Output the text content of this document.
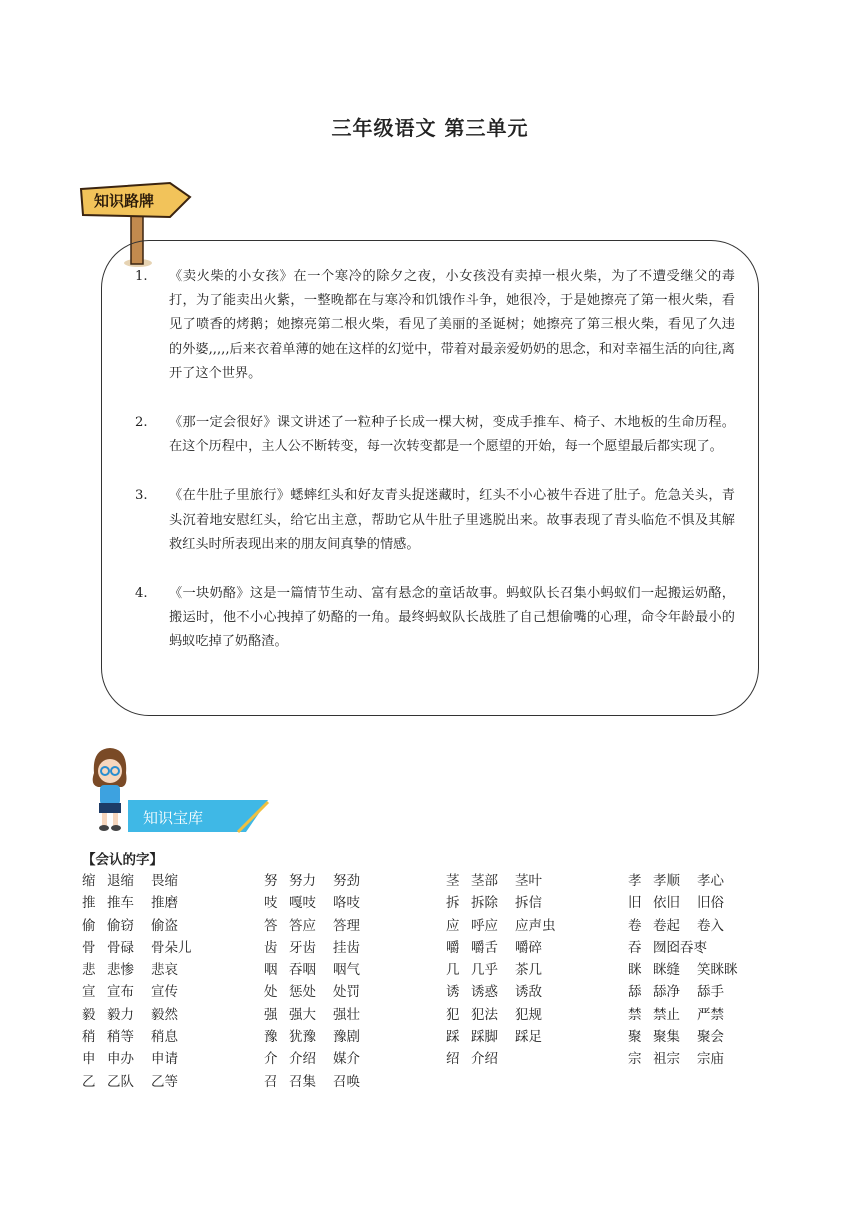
三年级语文 第三单元
知识路牌
1. 《卖火柴的小女孩》在一个寒冷的除夕之夜，小女孩没有卖掉一根火柴，为了不遭受继父的毒打，为了能卖出火紫，一整晚都在与寒冷和饥饿作斗争，她很冷，于是她擦亮了第一根火柴，看见了喷香的烤鹅；她擦亮第二根火柴，看见了美丽的圣诞树；她擦亮了第三根火柴，看见了久违的外婆,,,,,后来衣着单薄的她在这样的幻觉中，带着对最亲爱奶奶的思念，和对幸福生活的向往,离开了这个世界。
2. 《那一定会很好》课文讲述了一粒种子长成一棵大树，变成手推车、椅子、木地板的生命历程。在这个历程中，主人公不断转变，每一次转变都是一个愿望的开始，每一个愿望最后都实现了。
3. 《在牛肚子里旅行》蟋蟀红头和好友青头捉迷藏时，红头不小心被牛吞进了肚子。危急关头，青头沉着地安慰红头，给它出主意，帮助它从牛肚子里逃脱出来。故事表现了青头临危不惧及其解救红头时所表现出来的朋友间真挚的情感。
4. 《一块奶酪》这是一篇情节生动、富有悬念的童话故事。蚂蚁队长召集小蚂蚁们一起搬运奶酪，搬运时，他不小心拽掉了奶酪的一角。最终蚂蚁队长战胜了自己想偷嘴的心理，命令年龄最小的蚂蚁吃掉了奶酪渣。
知识宝库
【会认的字】
缩 退缩 畏缩
推 推车 推磨
偷 偷窃 偷盗
骨 骨碌 骨朵儿
悲 悲惨 悲哀
宣 宣布 宣传
毅 毅力 毅然
稍 稍等 稍息
申 申办 申请
乙 乙队 乙等
努 努力 努劲
吱 嘎吱 咯吱
答 答应 答理
齿 牙齿 挂齿
咽 吞咽 咽气
处 惩处 处罚
强 强大 强壮
豫 犹豫 豫剧
介 介绍 媒介
召 召集 召唤
茎 茎部 茎叶
拆 拆除 拆信
应 呼应 应声虫
嚼 嚼舌 嚼碎
几 几乎 茶几
诱 诱惑 诱敌
犯 犯法 犯规
踩 踩脚 踩足
绍 介绍
孝 孝顺 孝心
旧 依旧 旧俗
卷 卷起 卷入
吞 囫囵吞枣
眯 眯缝 笑眯眯
舔 舔净 舔手
禁 禁止 严禁
聚 聚集 聚会
宗 祖宗 宗庙
